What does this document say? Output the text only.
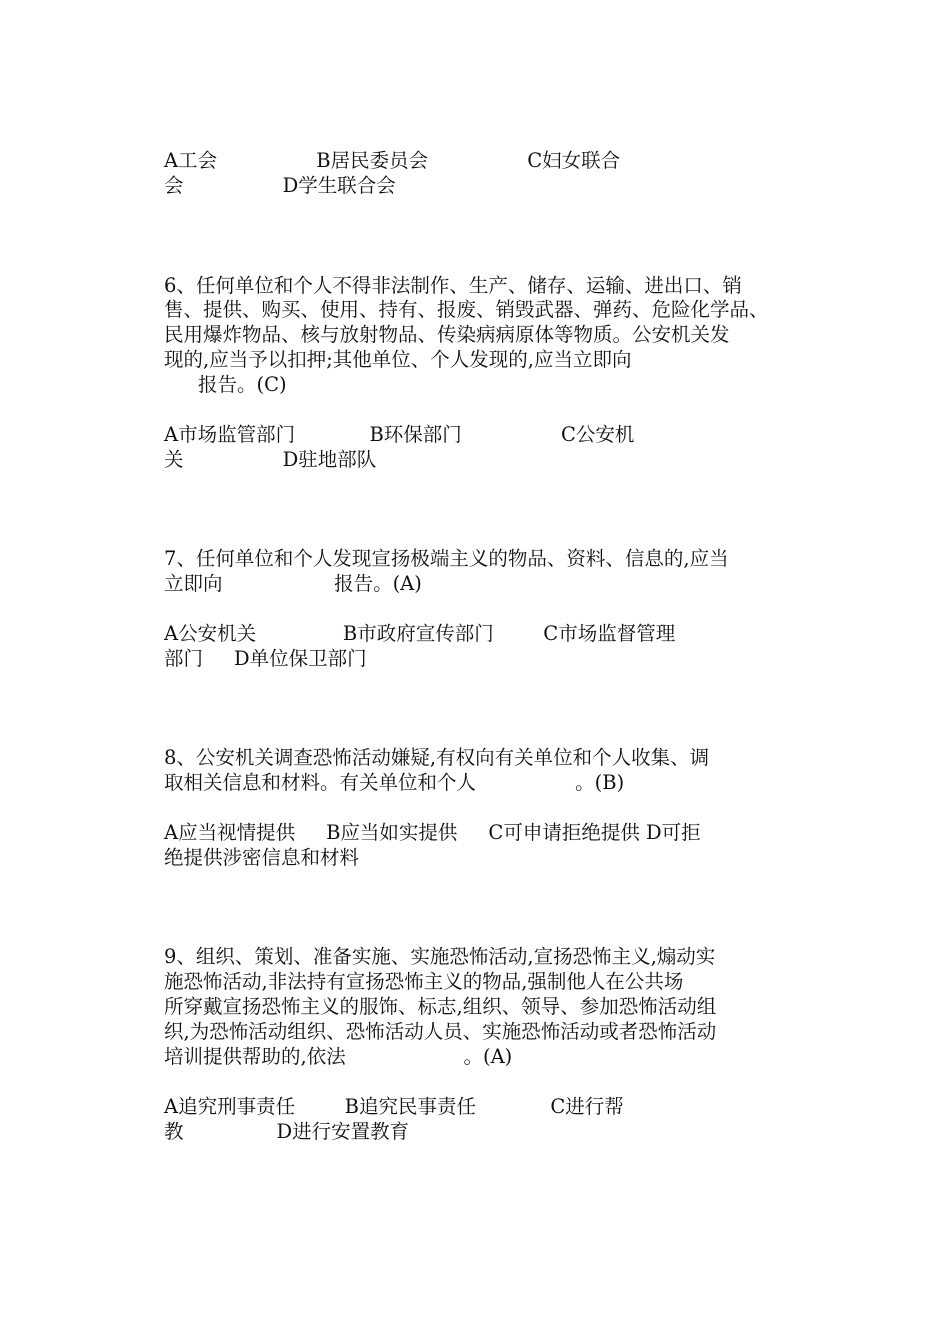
A工会                B居民委员会                C妇女联合

会                D学生联合会

6、任何单位和个人不得非法制作、生产、储存、运输、进出口、销

售、提供、购买、使用、持有、报废、销毁武器、弹药、危险化学品、

民用爆炸物品、核与放射物品、传染病病原体等物质。公安机关发

现的,应当予以扣押;其他单位、个人发现的,应当立即向

报告。(C)

A市场监管部门            B环保部门                C公安机

关                D驻地部队

7、任何单位和个人发现宣扬极端主义的物品、资料、信息的,应当

立即向                  报告。(A)

A公安机关              B市政府宣传部门        C市场监督管理

部门     D单位保卫部门

8、公安机关调查恐怖活动嫌疑,有权向有关单位和个人收集、调

取相关信息和材料。有关单位和个人                。(B)

A应当视情提供     B应当如实提供     C可申请拒绝提供 D可拒

绝提供涉密信息和材料

9、组织、策划、准备实施、实施恐怖活动,宣扬恐怖主义,煽动实

施恐怖活动,非法持有宣扬恐怖主义的物品,强制他人在公共场

所穿戴宣扬恐怖主义的服饰、标志,组织、领导、参加恐怖活动组

织,为恐怖活动组织、恐怖活动人员、实施恐怖活动或者恐怖活动

培训提供帮助的,依法                   。(A)

A追究刑事责任        B追究民事责任            C进行帮

教               D进行安置教育
